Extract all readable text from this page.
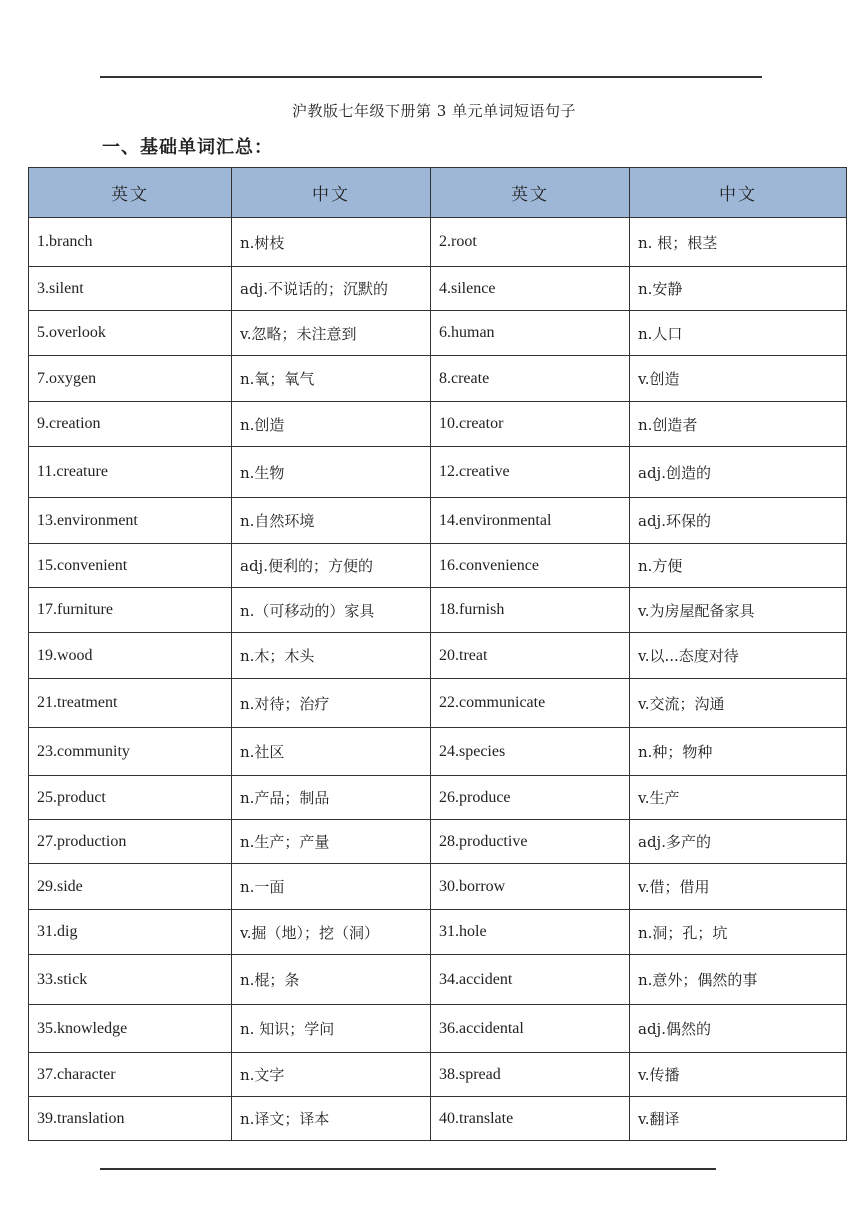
沪教版七年级下册第 3 单元单词短语句子
一、基础单词汇总：
英文	中文	英文	中文
1.branch	n.树枝	2.root	n. 根；根茎
3.silent	adj.不说话的；沉默的	4.silence	n.安静
5.overlook	v.忽略；未注意到	6.human	n.人口
7.oxygen	n.氧；氧气	8.create	v.创造
9.creation	n.创造	10.creator	n.创造者
11.creature	n.生物	12.creative	adj.创造的
13.environment	n.自然环境	14.environmental	adj.环保的
15.convenient	adj.便利的；方便的	16.convenience	n.方便
17.furniture	n.（可移动的）家具	18.furnish	v.为房屋配备家具
19.wood	n.木；木头	20.treat	v.以...态度对待
21.treatment	n.对待；治疗	22.communicate	v.交流；沟通
23.community	n.社区	24.species	n.种；物种
25.product	n.产品；制品	26.produce	v.生产
27.production	n.生产；产量	28.productive	adj.多产的
29.side	n.一面	30.borrow	v.借；借用
31.dig	v.掘（地）；挖（洞）	31.hole	n.洞；孔；坑
33.stick	n.棍；条	34.accident	n.意外；偶然的事
35.knowledge	n. 知识；学问	36.accidental	adj.偶然的
37.character	n.文字	38.spread	v.传播
39.translation	n.译文；译本	40.translate	v.翻译
